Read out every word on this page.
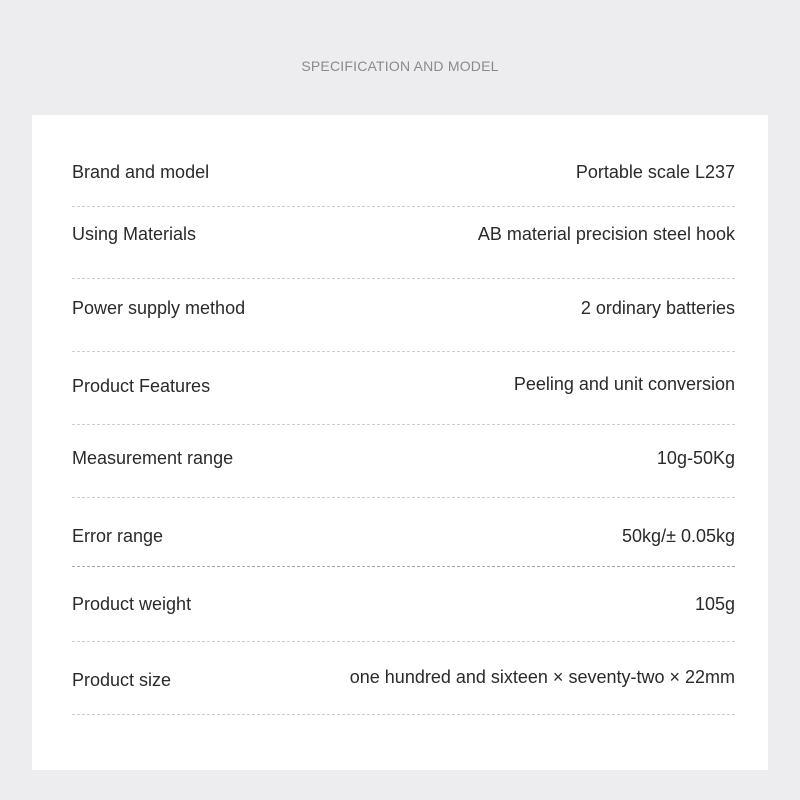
SPECIFICATION AND MODEL
Brand and model	Portable scale L237
Using Materials	AB material precision steel hook
Power supply method	2 ordinary batteries
Product Features	Peeling and unit conversion
Measurement range	10g-50Kg
Error range	50kg/± 0.05kg
Product weight	105g
Product size	one hundred and sixteen × seventy-two × 22mm
